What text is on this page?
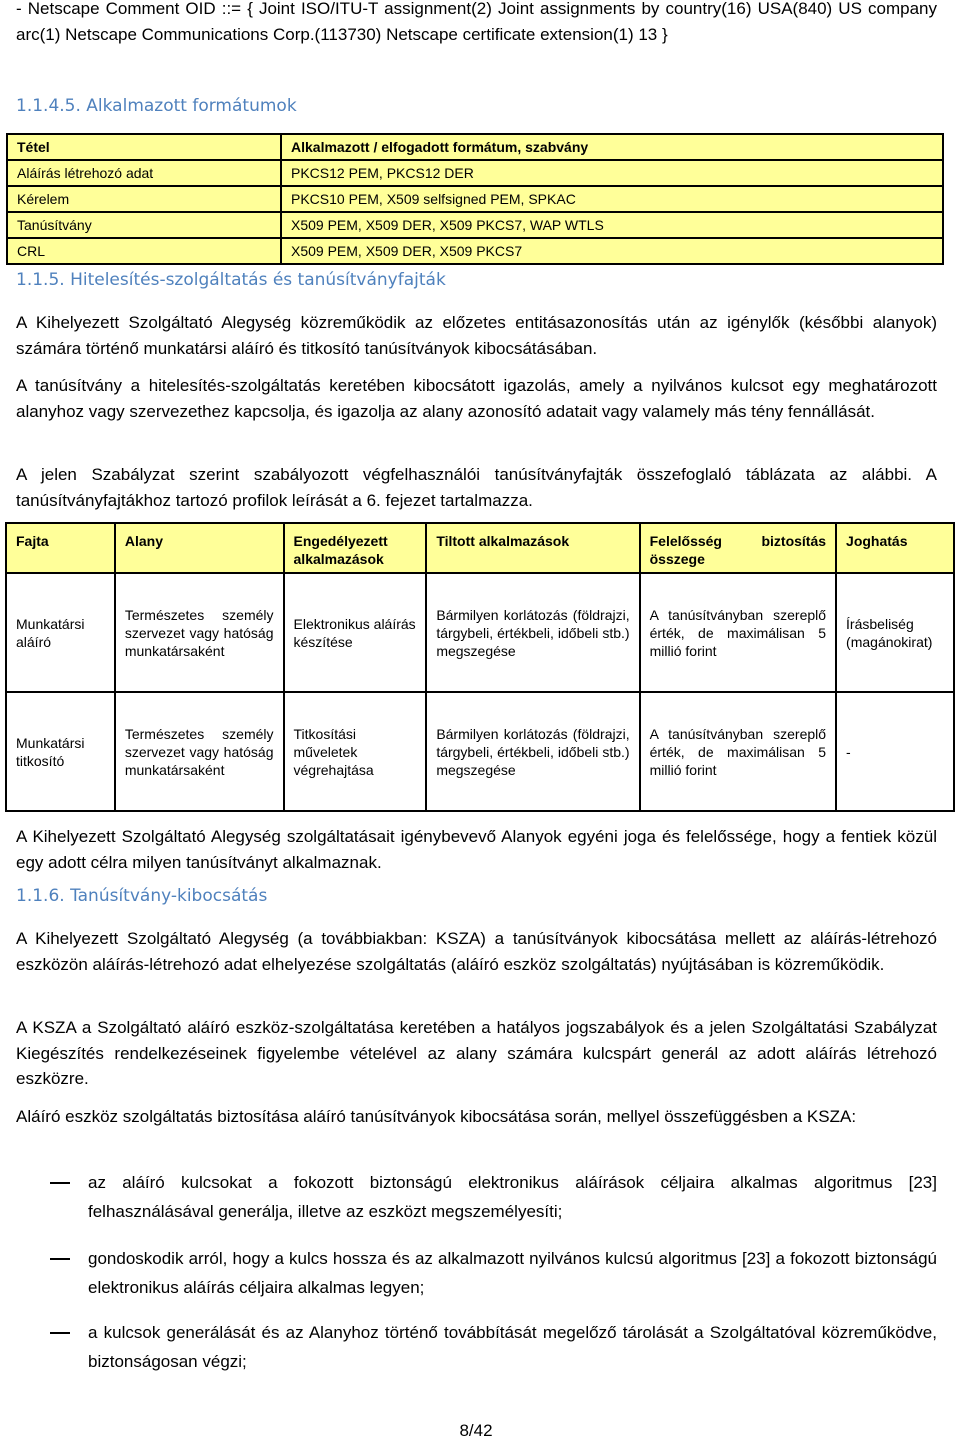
- Netscape Comment OID ::= { Joint ISO/ITU-T assignment(2) Joint assignments by country(16) USA(840) US company arc(1) Netscape Communications Corp.(113730) Netscape certificate extension(1) 13 }

1.1.4.5. Alkalmazott formátumok
Tétel	Alkalmazott / elfogadott formátum, szabvány
Aláírás létrehozó adat	PKCS12 PEM, PKCS12 DER
Kérelem	PKCS10 PEM, X509 selfsigned PEM, SPKAC
Tanúsítvány	X509 PEM, X509 DER, X509 PKCS7, WAP WTLS
CRL	X509 PEM, X509 DER, X509 PKCS7
1.1.5. Hitelesítés-szolgáltatás és tanúsítványfajták

A Kihelyezett Szolgáltató Alegység közreműködik az előzetes entitásazonosítás után az igénylők (későbbi alanyok) számára történő munkatársi aláíró és titkosító tanúsítványok kibocsátásában.

A tanúsítvány a hitelesítés-szolgáltatás keretében kibocsátott igazolás, amely a nyilvános kulcsot egy meghatározott alanyhoz vagy szervezethez kapcsolja, és igazolja az alany azonosító adatait vagy valamely más tény fennállását.

A jelen Szabályzat szerint szabályozott végfelhasználói tanúsítványfajták összefoglaló táblázata az alábbi. A tanúsítványfajtákhoz tartozó profilok leírását a 6. fejezet tartalmazza.

Fajta	Alany	Engedélyezett alkalmazások	Tiltott alkalmazások	Felelősség biztosítás összege	Joghatás
Munkatársi aláíró	Természetes személy szervezet vagy hatóság munkatársaként	Elektronikus aláírás készítése	Bármilyen korlátozás (földrajzi, tárgybeli, értékbeli, időbeli stb.) megszegése	A tanúsítványban szereplő érték, de maximálisan 5 millió forint	Írásbeliség (magánokirat)
Munkatársi titkosító	Természetes személy szervezet vagy hatóság munkatársaként	Titkosítási műveletek végrehajtása	Bármilyen korlátozás (földrajzi, tárgybeli, értékbeli, időbeli stb.) megszegése	A tanúsítványban szereplő érték, de maximálisan 5 millió forint	-

A Kihelyezett Szolgáltató Alegység szolgáltatásait igénybevevő Alanyok egyéni joga és felelőssége, hogy a fentiek közül egy adott célra milyen tanúsítványt alkalmaznak.

1.1.6. Tanúsítvány-kibocsátás

A Kihelyezett Szolgáltató Alegység (a továbbiakban: KSZA) a tanúsítványok kibocsátása mellett az aláírás-létrehozó eszközön aláírás-létrehozó adat elhelyezése szolgáltatás (aláíró eszköz szolgáltatás) nyújtásában is közreműködik.

A KSZA a Szolgáltató aláíró eszköz-szolgáltatása keretében a hatályos jogszabályok és a jelen Szolgáltatási Szabályzat Kiegészítés rendelkezéseinek figyelembe vételével az alany számára kulcspárt generál az adott aláírás létrehozó eszközre.

Aláíró eszköz szolgáltatás biztosítása aláíró tanúsítványok kibocsátása során, mellyel összefüggésben a KSZA:

az aláíró kulcsokat a fokozott biztonságú elektronikus aláírások céljaira alkalmas algoritmus [23] felhasználásával generálja, illetve az eszközt megszemélyesíti;
gondoskodik arról, hogy a kulcs hossza és az alkalmazott nyilvános kulcsú algoritmus [23] a fokozott biztonságú elektronikus aláírás céljaira alkalmas legyen;
a kulcsok generálását és az Alanyhoz történő továbbítását megelőző tárolását a Szolgáltatóval közreműködve, biztonságosan végzi;
8/42
